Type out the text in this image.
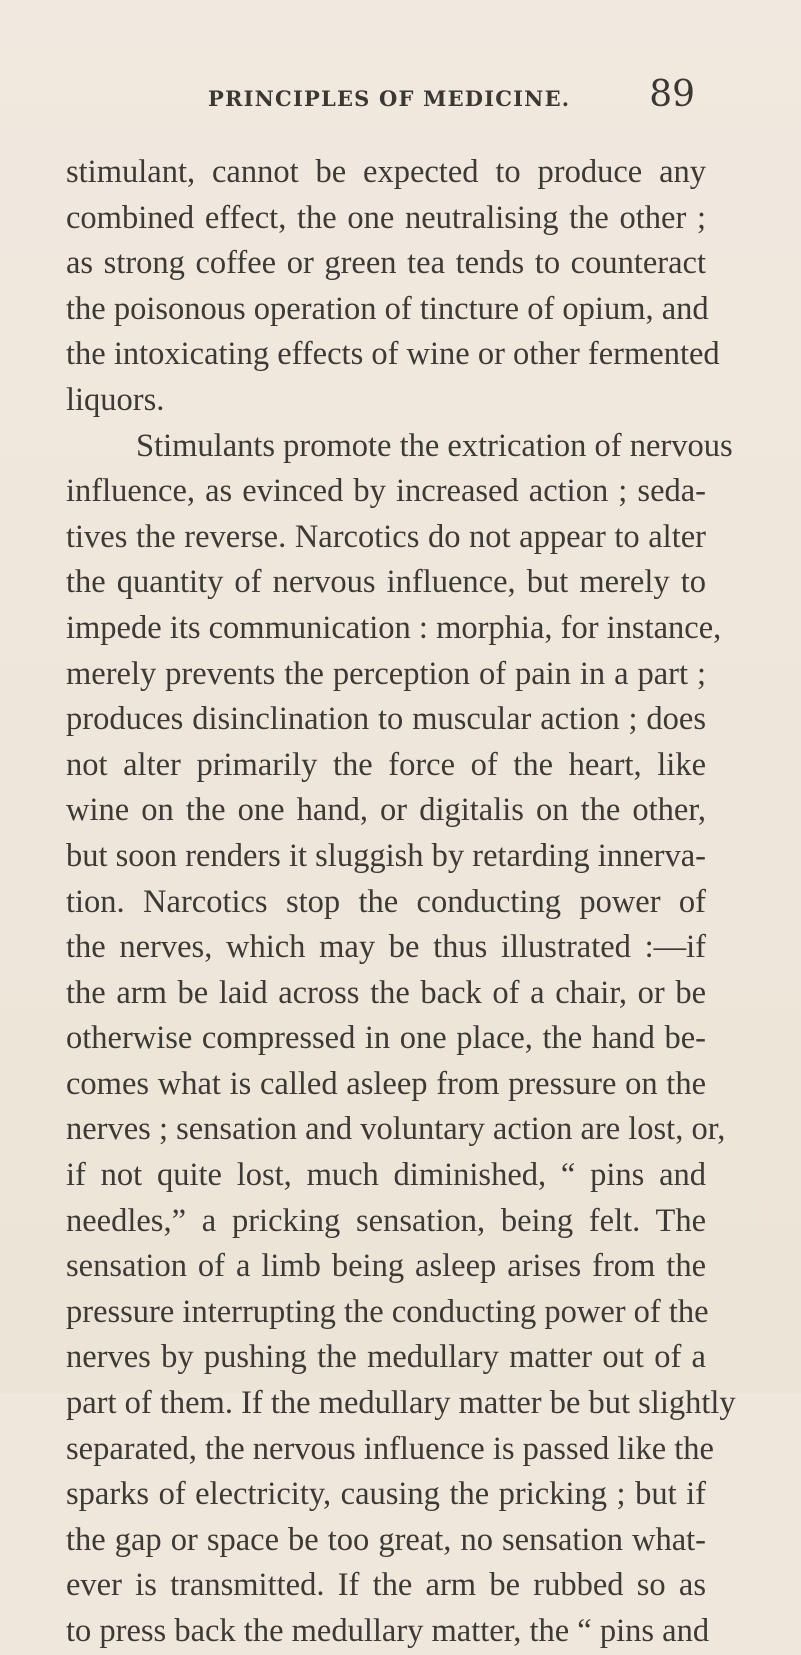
PRINCIPLES OF MEDICINE. 89
stimulant, cannot be expected to produce any
combined effect, the one neutralising the other ;
as strong coffee or green tea tends to counteract
the poisonous operation of tincture of opium, and
the intoxicating effects of wine or other fermented
liquors.
Stimulants promote the extrication of nervous
influence, as evinced by increased action ; seda-
tives the reverse. Narcotics do not appear to alter
the quantity of nervous influence, but merely to
impede its communication : morphia, for instance,
merely prevents the perception of pain in a part ;
produces disinclination to muscular action ; does
not alter primarily the force of the heart, like
wine on the one hand, or digitalis on the other,
but soon renders it sluggish by retarding innerva-
tion. Narcotics stop the conducting power of
the nerves, which may be thus illustrated :—if
the arm be laid across the back of a chair, or be
otherwise compressed in one place, the hand be-
comes what is called asleep from pressure on the
nerves ; sensation and voluntary action are lost, or,
if not quite lost, much diminished, “ pins and
needles,” a pricking sensation, being felt. The
sensation of a limb being asleep arises from the
pressure interrupting the conducting power of the
nerves by pushing the medullary matter out of a
part of them. If the medullary matter be but slightly
separated, the nervous influence is passed like the
sparks of electricity, causing the pricking ; but if
the gap or space be too great, no sensation what-
ever is transmitted. If the arm be rubbed so as
to press back the medullary matter, the “ pins and
